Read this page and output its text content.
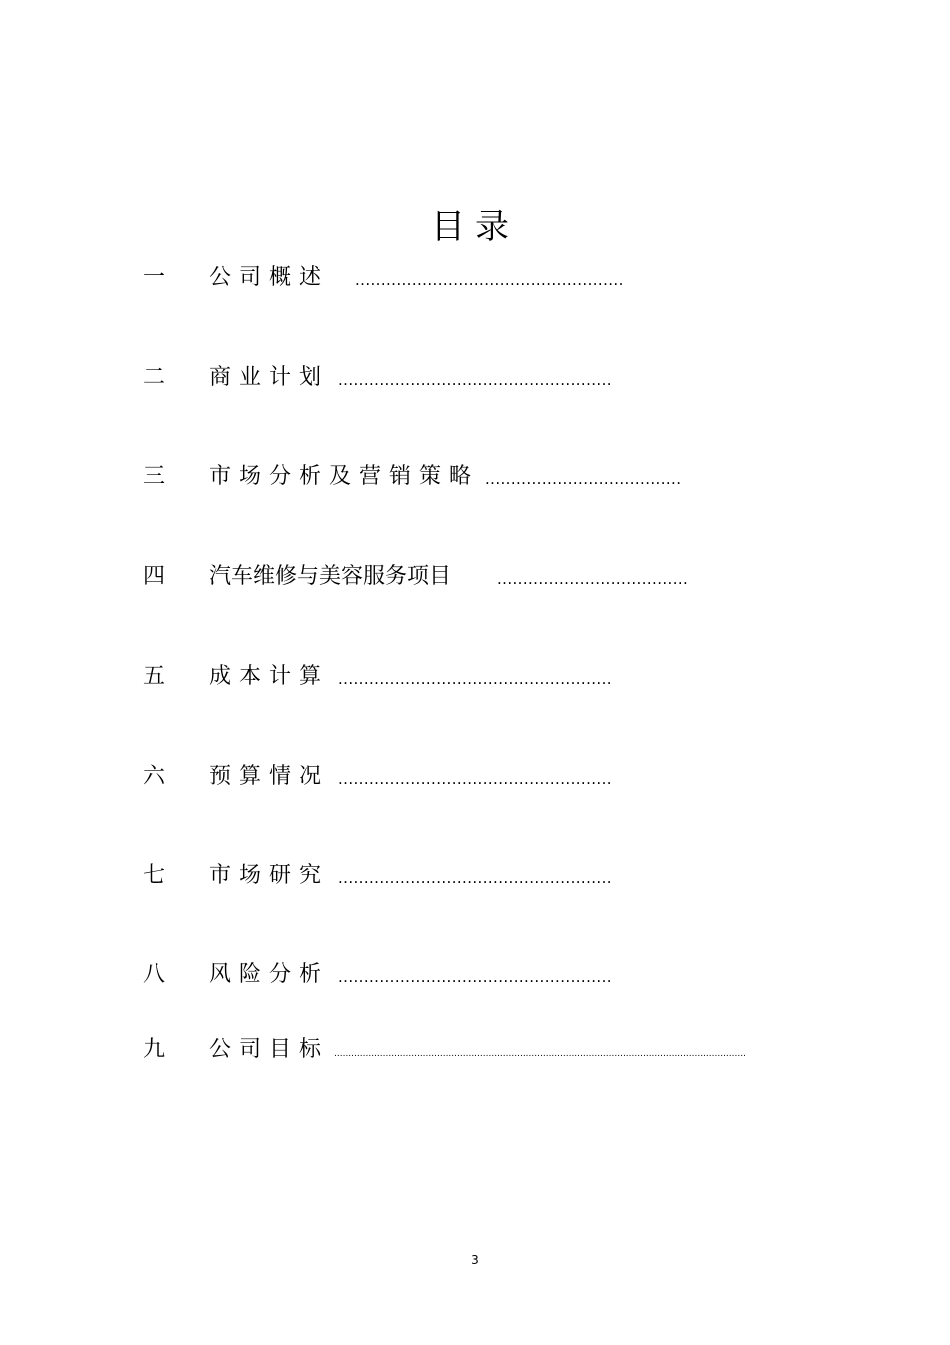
目录
一 公司概述 ....................................................
二 商业计划 .....................................................
三 市场分析及营销策略 ......................................
四 汽车维修与美容服务项目	.....................................
五 成本计算 .....................................................
六 预算情况 .....................................................
七 市场研究 .....................................................
八 风险分析 .....................................................
九 公司目标 ................................................................................................................................................
3
